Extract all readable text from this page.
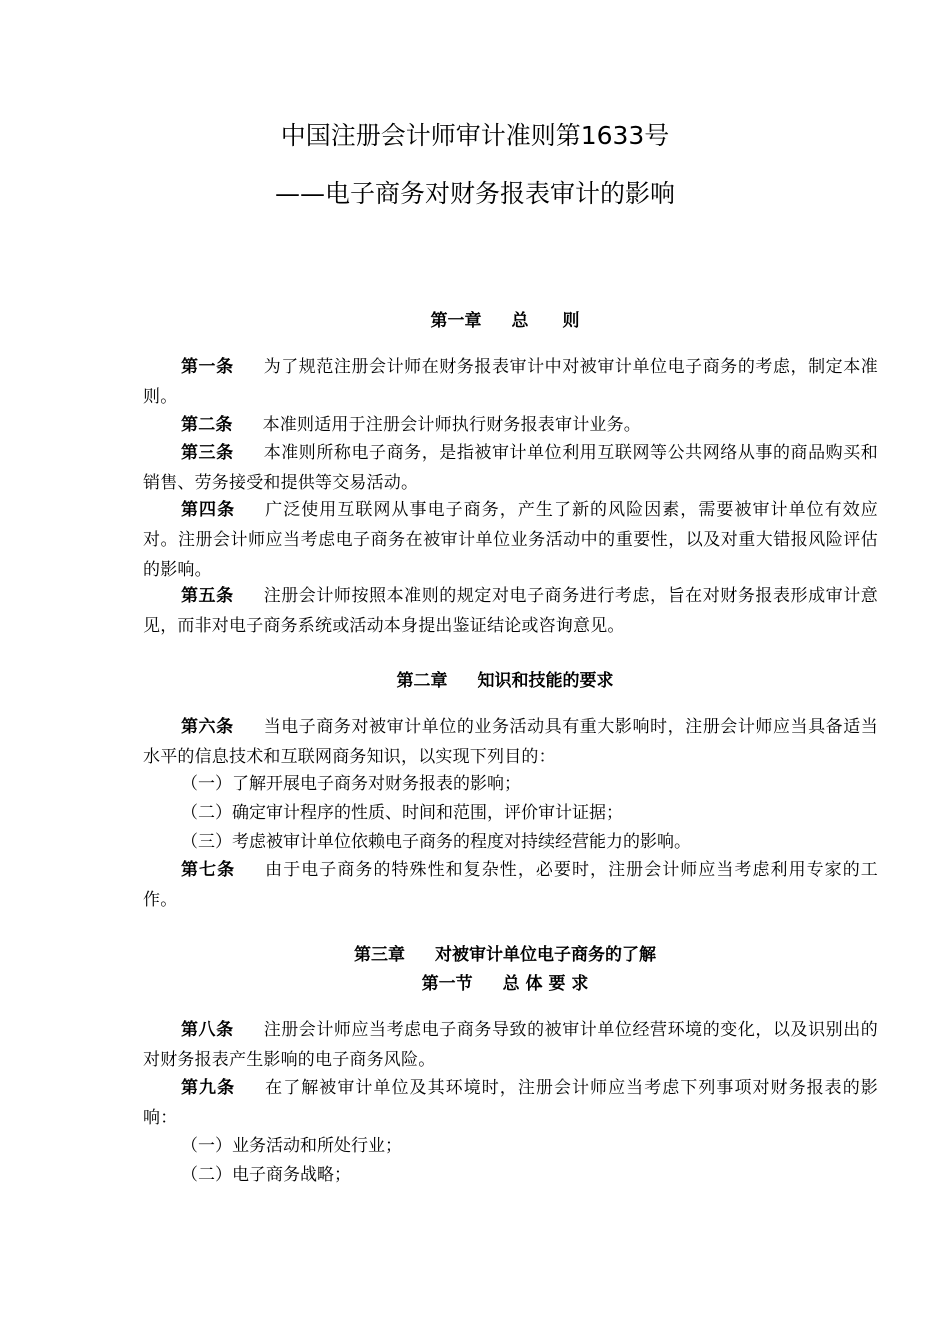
中国注册会计师审计准则第1633号
——电子商务对财务报表审计的影响
第一章 总　　则
第一条 为了规范注册会计师在财务报表审计中对被审计单位电子商务的考虑，制定本准则。
第二条 本准则适用于注册会计师执行财务报表审计业务。
第三条 本准则所称电子商务，是指被审计单位利用互联网等公共网络从事的商品购买和销售、劳务接受和提供等交易活动。
第四条 广泛使用互联网从事电子商务，产生了新的风险因素，需要被审计单位有效应对。注册会计师应当考虑电子商务在被审计单位业务活动中的重要性，以及对重大错报风险评估的影响。
第五条 注册会计师按照本准则的规定对电子商务进行考虑，旨在对财务报表形成审计意见，而非对电子商务系统或活动本身提出鉴证结论或咨询意见。
第二章 知识和技能的要求
第六条 当电子商务对被审计单位的业务活动具有重大影响时，注册会计师应当具备适当水平的信息技术和互联网商务知识，以实现下列目的：
（一）了解开展电子商务对财务报表的影响；
（二）确定审计程序的性质、时间和范围，评价审计证据；
（三）考虑被审计单位依赖电子商务的程度对持续经营能力的影响。
第七条 由于电子商务的特殊性和复杂性，必要时，注册会计师应当考虑利用专家的工作。
第三章 对被审计单位电子商务的了解
第一节 总 体 要 求
第八条 注册会计师应当考虑电子商务导致的被审计单位经营环境的变化，以及识别出的对财务报表产生影响的电子商务风险。
第九条 在了解被审计单位及其环境时，注册会计师应当考虑下列事项对财务报表的影响：
（一）业务活动和所处行业；
（二）电子商务战略；
